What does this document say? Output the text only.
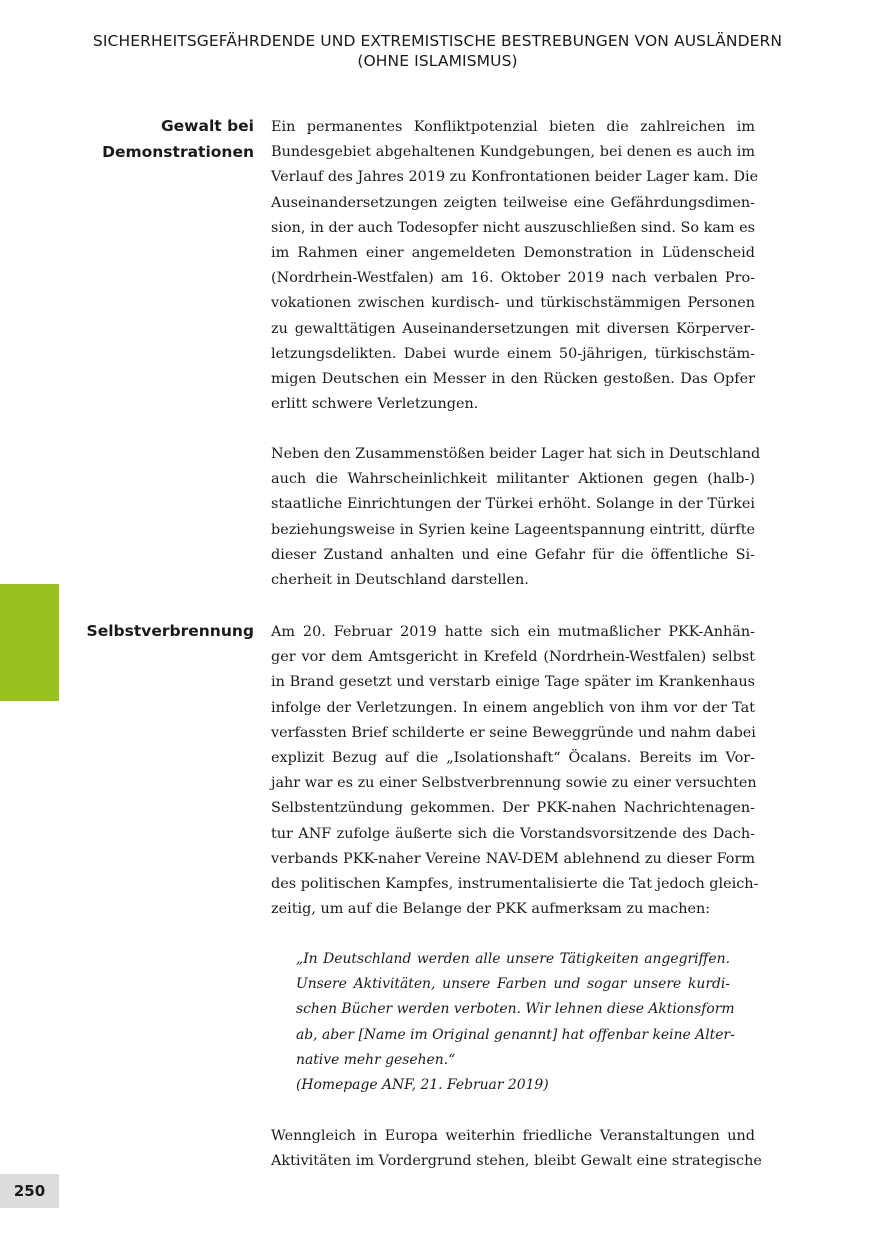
SICHERHEITSGEFÄHRDENDE UND EXTREMISTISCHE BESTREBUNGEN VON AUSLÄNDERN
(OHNE ISLAMISMUS)
Gewalt bei
Demonstrationen
Ein permanentes Konfliktpotenzial bieten die zahlreichen im
Bundesgebiet abgehaltenen Kundgebungen, bei denen es auch im
Verlauf des Jahres 2019 zu Konfrontationen beider Lager kam. Die
Auseinandersetzungen zeigten teilweise eine Gefährdungsdimen-
sion, in der auch Todesopfer nicht auszuschließen sind. So kam es
im Rahmen einer angemeldeten Demonstration in Lüdenscheid
(Nordrhein-Westfalen) am 16. Oktober 2019 nach verbalen Pro-
vokationen zwischen kurdisch- und türkischstämmigen Personen
zu gewalttätigen Auseinandersetzungen mit diversen Körperver-
letzungsdelikten. Dabei wurde einem 50-jährigen, türkischstäm-
migen Deutschen ein Messer in den Rücken gestoßen. Das Opfer
erlitt schwere Verletzungen.
Neben den Zusammenstößen beider Lager hat sich in Deutschland
auch die Wahrscheinlichkeit militanter Aktionen gegen (halb-)
staatliche Einrichtungen der Türkei erhöht. Solange in der Türkei
beziehungsweise in Syrien keine Lageentspannung eintritt, dürfte
dieser Zustand anhalten und eine Gefahr für die öffentliche Si-
cherheit in Deutschland darstellen.
Selbstverbrennung Am 20. Februar 2019 hatte sich ein mutmaßlicher PKK-Anhän-
ger vor dem Amtsgericht in Krefeld (Nordrhein-Westfalen) selbst
in Brand gesetzt und verstarb einige Tage später im Krankenhaus
infolge der Verletzungen. In einem angeblich von ihm vor der Tat
verfassten Brief schilderte er seine Beweggründe und nahm dabei
explizit Bezug auf die „Isolationshaft“ Öcalans. Bereits im Vor-
jahr war es zu einer Selbstverbrennung sowie zu einer versuchten
Selbstentzündung gekommen. Der PKK-nahen Nachrichtenagen-
tur ANF zufolge äußerte sich die Vorstandsvorsitzende des Dach-
verbands PKK-naher Vereine NAV-DEM ablehnend zu dieser Form
des politischen Kampfes, instrumentalisierte die Tat jedoch gleich-
zeitig, um auf die Belange der PKK aufmerksam zu machen:
„In Deutschland werden alle unsere Tätigkeiten angegriffen.
Unsere Aktivitäten, unsere Farben und sogar unsere kurdi-
schen Bücher werden verboten. Wir lehnen diese Aktionsform
ab, aber [Name im Original genannt] hat offenbar keine Alter-
native mehr gesehen.“
(Homepage ANF, 21. Februar 2019)
Wenngleich in Europa weiterhin friedliche Veranstaltungen und
Aktivitäten im Vordergrund stehen, bleibt Gewalt eine strategische
250
